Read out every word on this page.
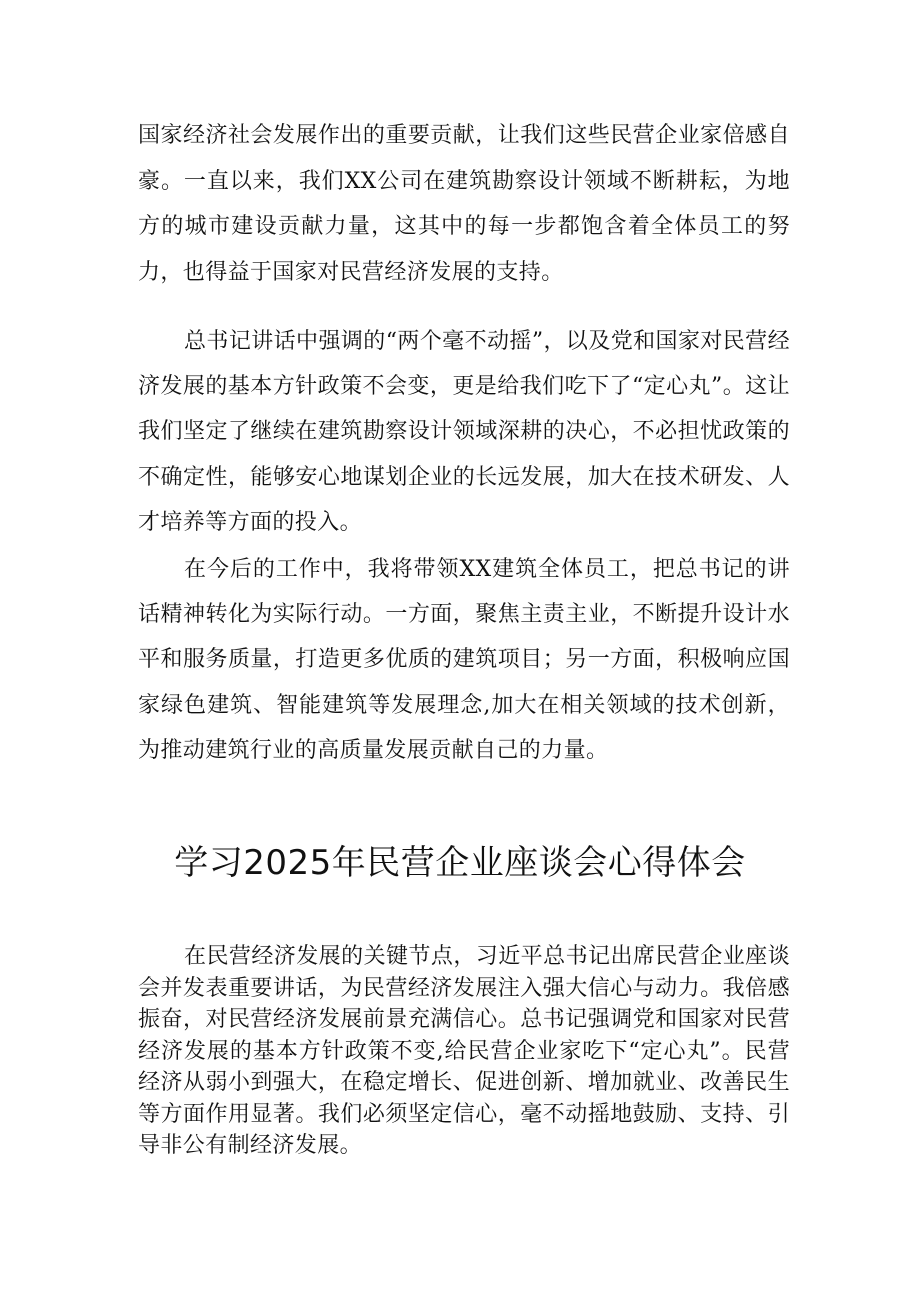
国家经济社会发展作出的重要贡献，让我们这些民营企业家倍感自豪。一直以来，我们XX公司在建筑勘察设计领域不断耕耘，为地方的城市建设贡献力量，这其中的每一步都饱含着全体员工的努力，也得益于国家对民营经济发展的支持。

总书记讲话中强调的“两个毫不动摇”，以及党和国家对民营经济发展的基本方针政策不会变，更是给我们吃下了“定心丸”。这让我们坚定了继续在建筑勘察设计领域深耕的决心，不必担忧政策的不确定性，能够安心地谋划企业的长远发展，加大在技术研发、人才培养等方面的投入。

在今后的工作中，我将带领XX建筑全体员工，把总书记的讲话精神转化为实际行动。一方面，聚焦主责主业，不断提升设计水平和服务质量，打造更多优质的建筑项目；另一方面，积极响应国家绿色建筑、智能建筑等发展理念,加大在相关领域的技术创新，为推动建筑行业的高质量发展贡献自己的力量。

学习2025年民营企业座谈会心得体会

在民营经济发展的关键节点，习近平总书记出席民营企业座谈会并发表重要讲话，为民营经济发展注入强大信心与动力。我倍感振奋，对民营经济发展前景充满信心。总书记强调党和国家对民营经济发展的基本方针政策不变,给民营企业家吃下“定心丸”。民营经济从弱小到强大，在稳定增长、促进创新、增加就业、改善民生等方面作用显著。我们必须坚定信心，毫不动摇地鼓励、支持、引导非公有制经济发展。
